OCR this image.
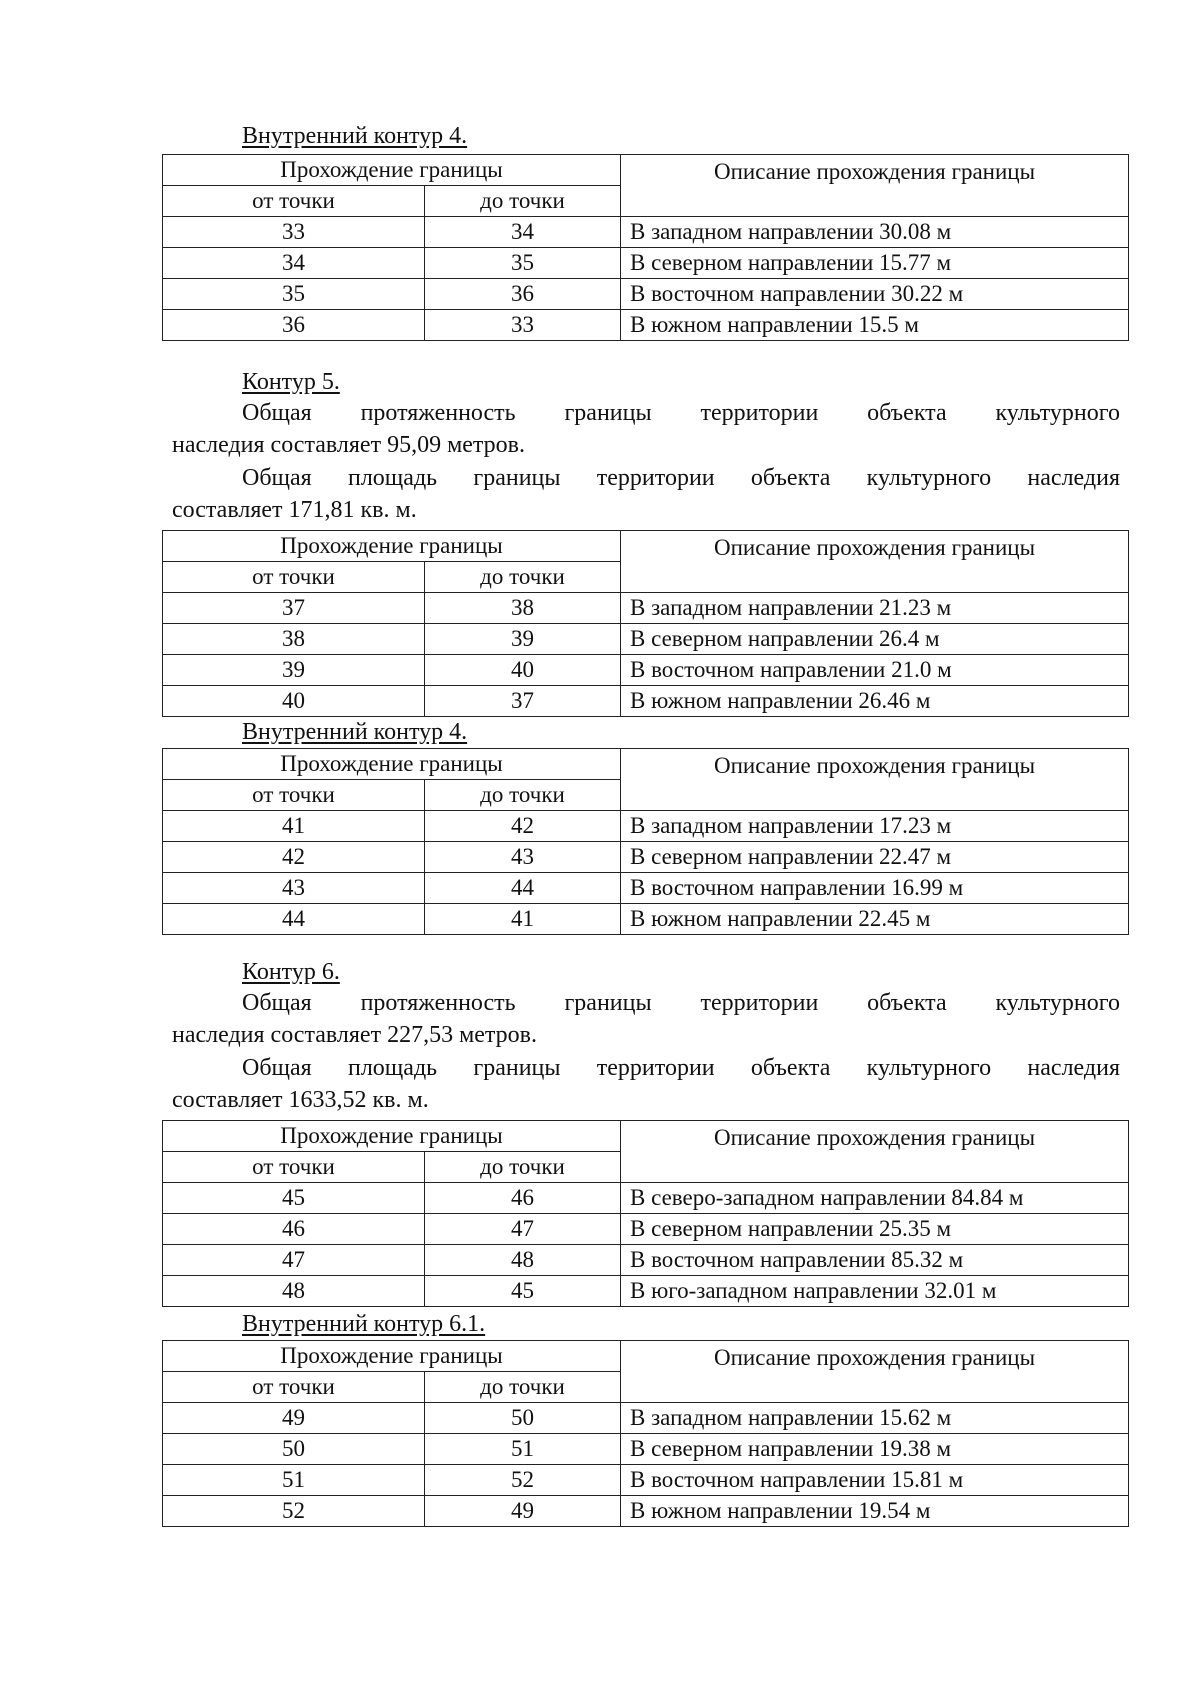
Внутренний контур 4.
Прохождение границы		Описание прохождения границы
от точки	до точки	
33	34	В западном направлении 30.08 м
34	35	В северном направлении 15.77 м
35	36	В восточном направлении 30.22 м
36	33	В южном направлении 15.5 м
Контур 5.
Общая протяженность границы территории объекта культурного
наследия составляет 95,09 метров.
Общая площадь границы территории объекта культурного наследия
составляет 171,81 кв. м.
Прохождение границы		Описание прохождения границы
от точки	до точки	
37	38	В западном направлении 21.23 м
38	39	В северном направлении 26.4 м
39	40	В восточном направлении 21.0 м
40	37	В южном направлении 26.46 м
Внутренний контур 4.
Прохождение границы		Описание прохождения границы
от точки	до точки	
41	42	В западном направлении 17.23 м
42	43	В северном направлении 22.47 м
43	44	В восточном направлении 16.99 м
44	41	В южном направлении 22.45 м
Контур 6.
Общая протяженность границы территории объекта культурного
наследия составляет 227,53 метров.
Общая площадь границы территории объекта культурного наследия
составляет 1633,52 кв. м.
Прохождение границы		Описание прохождения границы
от точки	до точки	
45	46	В северо-западном направлении 84.84 м
46	47	В северном направлении 25.35 м
47	48	В восточном направлении 85.32 м
48	45	В юго-западном направлении 32.01 м
Внутренний контур 6.1.
Прохождение границы		Описание прохождения границы
от точки	до точки	
49	50	В западном направлении 15.62 м
50	51	В северном направлении 19.38 м
51	52	В восточном направлении 15.81 м
52	49	В южном направлении 19.54 м
